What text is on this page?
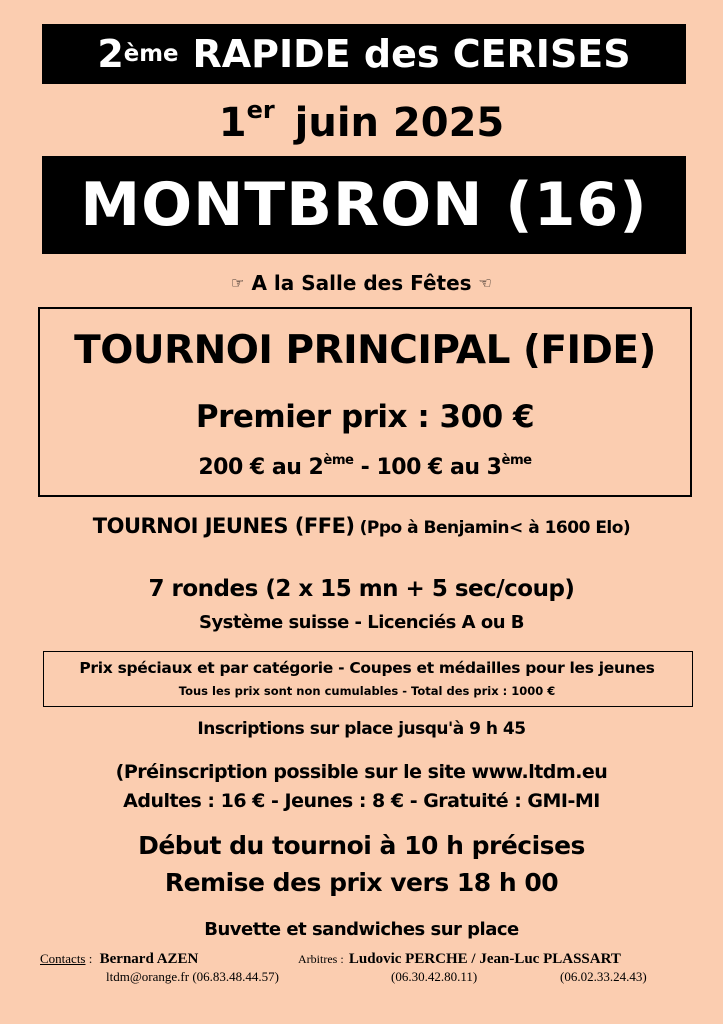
2 ème RAPIDE des CERISES
1er juin 2025
MONTBRON (16)
☞ A la Salle des Fêtes ☜
TOURNOI PRINCIPAL (FIDE)
Premier prix : 300 €
200 € au 2ème - 100 € au 3ème
TOURNOI JEUNES (FFE) (Ppo à Benjamin< à 1600 Elo)
7 rondes (2 x 15 mn + 5 sec/coup)
Système suisse - Licenciés A ou B
Prix spéciaux et par catégorie - Coupes et médailles pour les jeunes
Tous les prix sont non cumulables - Total des prix : 1000 €
Inscriptions sur place jusqu'à 9 h 45
(Préinscription possible sur le site www.ltdm.eu
Adultes : 16 € - Jeunes : 8 € - Gratuité : GMI-MI
Début du tournoi à 10 h précises
Remise des prix vers 18 h 00
Buvette et sandwiches sur place
Contacts : Bernard AZEN	Arbitres : Ludovic PERCHE / Jean-Luc PLASSART
ltdm@orange.fr (06.83.48.44.57)	(06.30.42.80.11)	(06.02.33.24.43)
